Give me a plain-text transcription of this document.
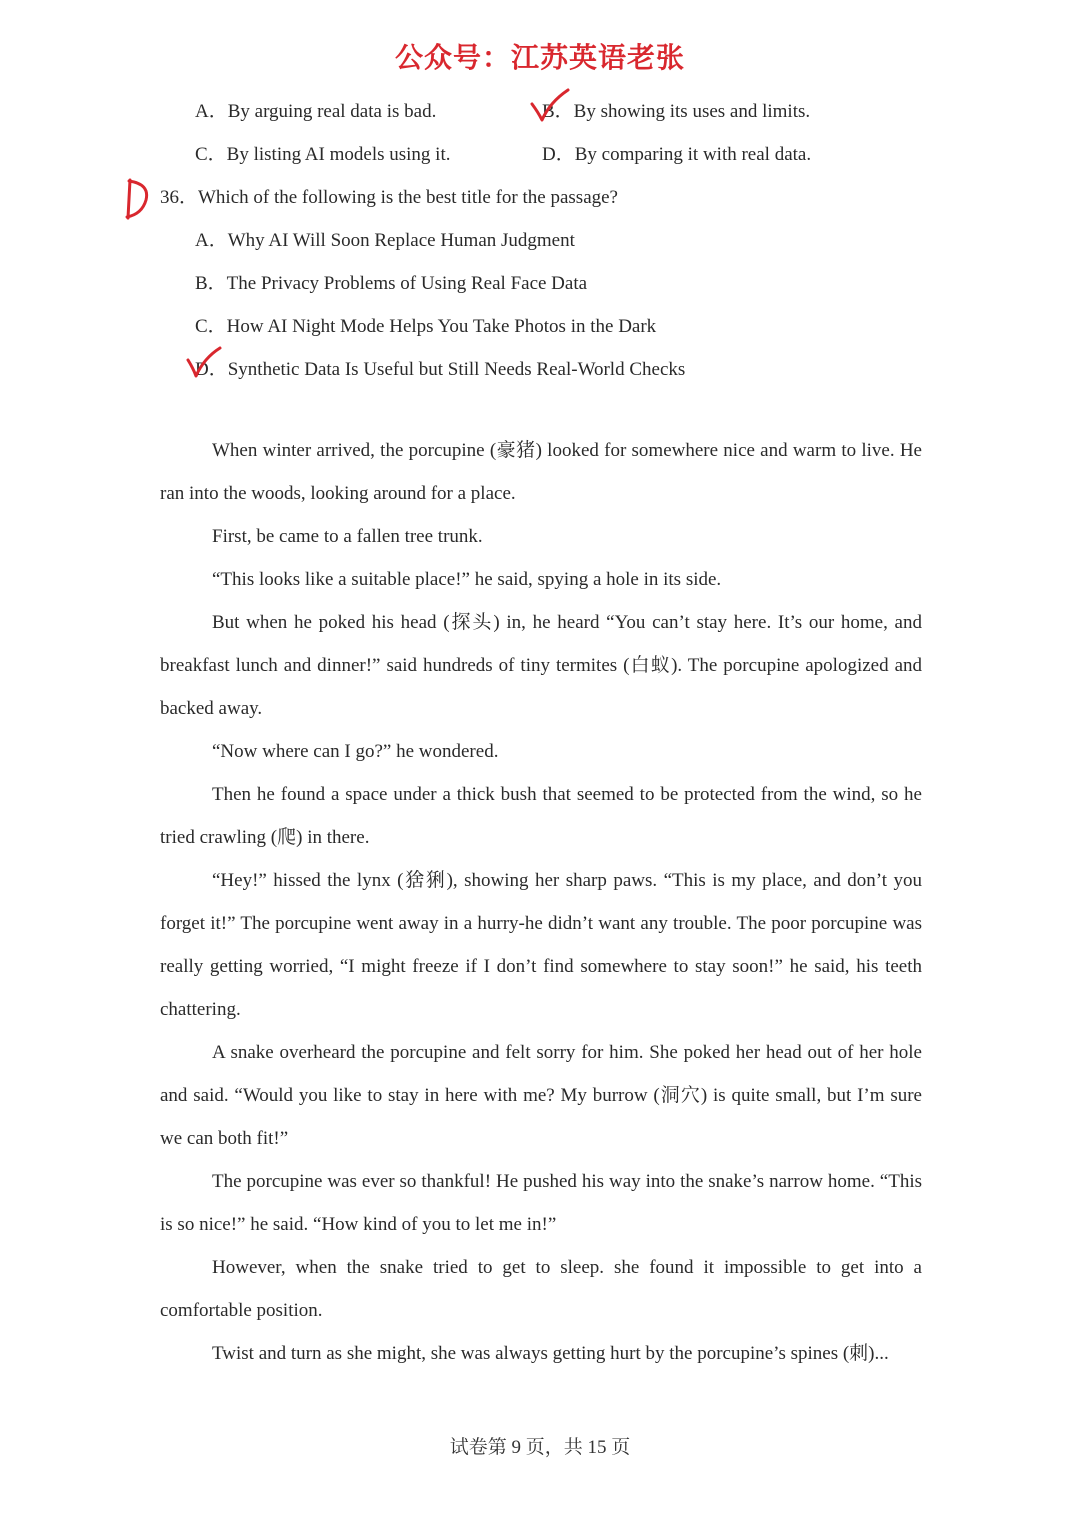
公众号：江苏英语老张
A．By arguing real data is bad.	B．By showing its uses and limits.
C．By listing AI models using it.	D．By comparing it with real data.
36．Which of the following is the best title for the passage?
A．Why AI Will Soon Replace Human Judgment
B．The Privacy Problems of Using Real Face Data
C．How AI Night Mode Helps You Take Photos in the Dark
D．Synthetic Data Is Useful but Still Needs Real-World Checks
When winter arrived, the porcupine (豪猪) looked for somewhere nice and warm to live. He ran into the woods, looking around for a place.
First, be came to a fallen tree trunk.
“This looks like a suitable place!” he said, spying a hole in its side.
But when he poked his head (探头) in, he heard “You can’t stay here. It’s our home, and breakfast lunch and dinner!” said hundreds of tiny termites (白蚁). The porcupine apologized and backed away.
“Now where can I go?” he wondered.
Then he found a space under a thick bush that seemed to be protected from the wind, so he tried crawling (爬) in there.
“Hey!” hissed the lynx (猞猁), showing her sharp paws. “This is my place, and don’t you forget it!” The porcupine went away in a hurry-he didn’t want any trouble. The poor porcupine was really getting worried, “I might freeze if I don’t find somewhere to stay soon!” he said, his teeth chattering.
A snake overheard the porcupine and felt sorry for him. She poked her head out of her hole and said. “Would you like to stay in here with me? My burrow (洞穴) is quite small, but I’m sure we can both fit!”
The porcupine was ever so thankful! He pushed his way into the snake’s narrow home. “This is so nice!” he said. “How kind of you to let me in!”
However, when the snake tried to get to sleep. she found it impossible to get into a comfortable position.
Twist and turn as she might, she was always getting hurt by the porcupine’s spines (刺)...
试卷第 9 页，共 15 页
